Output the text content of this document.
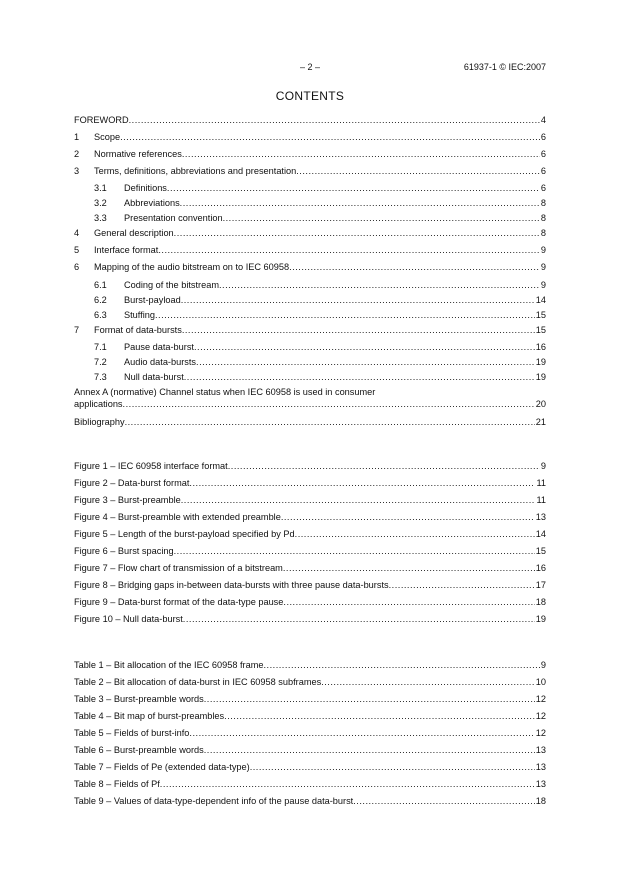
– 2 –	61937-1 © IEC:2007
CONTENTS
FOREWORD .....	4
1	Scope .....	6
2	Normative references .....	6
3	Terms, definitions, abbreviations and presentation .....	6
3.1	Definitions .....	6
3.2	Abbreviations .....	8
3.3	Presentation convention .....	8
4	General description .....	8
5	Interface format .....	9
6	Mapping of the audio bitstream on to IEC 60958 .....	9
6.1	Coding of the bitstream .....	9
6.2	Burst-payload .....	14
6.3	Stuffing .....	15
7	Format of data-bursts .....	15
7.1	Pause data-burst .....	16
7.2	Audio data-bursts .....	19
7.3	Null data-burst .....	19
Annex A (normative) Channel status when IEC 60958 is used in consumer
applications .....	20
Bibliography .....	21
Figure 1 – IEC 60958 interface format .....	9
Figure 2 – Data-burst format .....	11
Figure 3 – Burst-preamble .....	11
Figure 4 – Burst-preamble with extended preamble .....	13
Figure 5 – Length of the burst-payload specified by Pd .....	14
Figure 6 – Burst spacing .....	15
Figure 7 – Flow chart of transmission of a bitstream .....	16
Figure 8 – Bridging gaps in-between data-bursts with three pause data-bursts .....	17
Figure 9 – Data-burst format of the data-type pause .....	18
Figure 10 – Null data-burst .....	19
Table 1 – Bit allocation of the IEC 60958 frame .....	9
Table 2 – Bit allocation of data-burst in IEC 60958 subframes .....	10
Table 3 – Burst-preamble words .....	12
Table 4 – Bit map of burst-preambles .....	12
Table 5 – Fields of burst-info .....	12
Table 6 – Burst-preamble words .....	13
Table 7 – Fields of Pe (extended data-type) .....	13
Table 8 – Fields of Pf .....	13
Table 9 – Values of data-type-dependent info of the pause data-burst .....	18
